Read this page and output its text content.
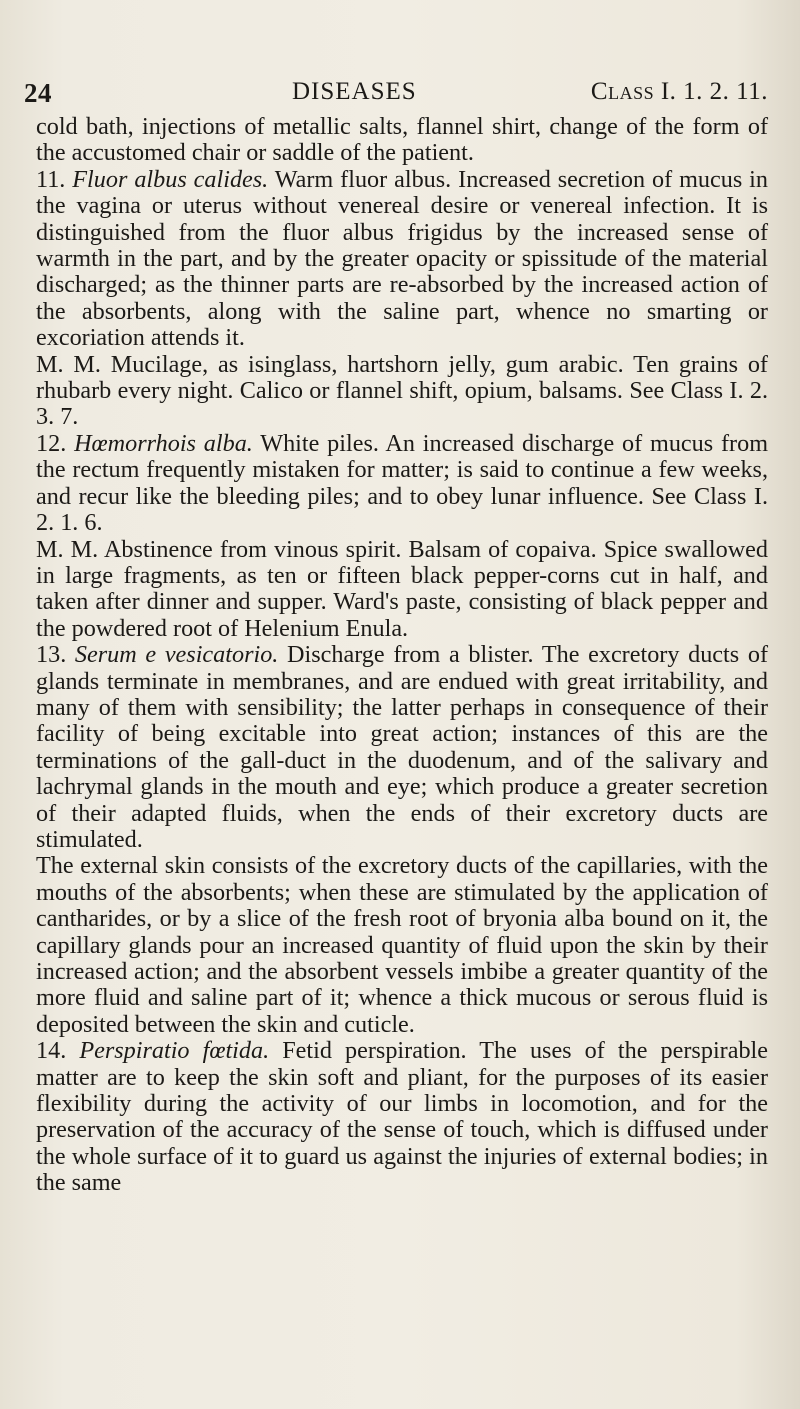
24	DISEASES	Class I. 1. 2. 11.

cold bath, injections of metallic salts, flannel shirt, change of the form of the accustomed chair or saddle of the patient.

11. Fluor albus calides. Warm fluor albus. Increased secretion of mucus in the vagina or uterus without venereal desire or venereal infection. It is distinguished from the fluor albus frigidus by the increased sense of warmth in the part, and by the greater opacity or spissitude of the material discharged; as the thinner parts are re-absorbed by the increased action of the absorbents, along with the saline part, whence no smarting or excoriation attends it.

M. M. Mucilage, as isinglass, hartshorn jelly, gum arabic. Ten grains of rhubarb every night. Calico or flannel shift, opium, balsams. See Class I. 2. 3. 7.

12. Hœmorrhois alba. White piles. An increased discharge of mucus from the rectum frequently mistaken for matter; is said to continue a few weeks, and recur like the bleeding piles; and to obey lunar influence. See Class I. 2. 1. 6.

M. M. Abstinence from vinous spirit. Balsam of copaiva. Spice swallowed in large fragments, as ten or fifteen black pepper-corns cut in half, and taken after dinner and supper. Ward's paste, consisting of black pepper and the powdered root of Helenium Enula.

13. Serum e vesicatorio. Discharge from a blister. The excretory ducts of glands terminate in membranes, and are endued with great irritability, and many of them with sensibility; the latter perhaps in consequence of their facility of being excitable into great action; instances of this are the terminations of the gall-duct in the duodenum, and of the salivary and lachrymal glands in the mouth and eye; which produce a greater secretion of their adapted fluids, when the ends of their excretory ducts are stimulated.

The external skin consists of the excretory ducts of the capillaries, with the mouths of the absorbents; when these are stimulated by the application of cantharides, or by a slice of the fresh root of bryonia alba bound on it, the capillary glands pour an increased quantity of fluid upon the skin by their increased action; and the absorbent vessels imbibe a greater quantity of the more fluid and saline part of it; whence a thick mucous or serous fluid is deposited between the skin and cuticle.

14. Perspiratio fœtida. Fetid perspiration. The uses of the perspirable matter are to keep the skin soft and pliant, for the purposes of its easier flexibility during the activity of our limbs in locomotion, and for the preservation of the accuracy of the sense of touch, which is diffused under the whole surface of it to guard us against the injuries of external bodies; in the same
